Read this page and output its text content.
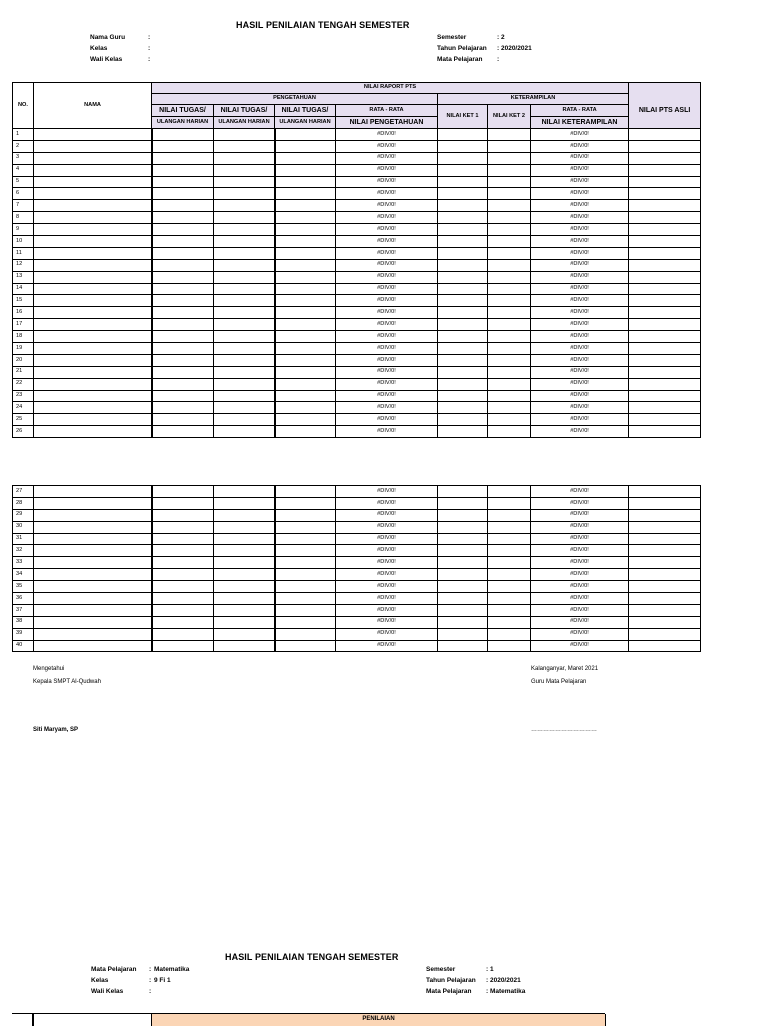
HASIL PENILAIAN TENGAH SEMESTER
Nama Guru	:
Kelas	:
Wali Kelas	:
Semester	: 2
Tahun Pelajaran : 2020/2021
Mata Pelajaran :
NO.	NAMA	NILAI RAPORT PTS							
		PENGETAHUAN				KETERAMPILAN			NILAI PTS ASLI
		NILAI TUGAS/	NILAI TUGAS/	NILAI TUGAS/	RATA - RATA	NILAI KET 1	NILAI KET 2	RATA - RATA	
		ULANGAN HARIAN	ULANGAN HARIAN	ULANGAN HARIAN	NILAI PENGETAHUAN			NILAI KETERAMPILAN	
1					#DIV/0!			#DIV/0!	
2					#DIV/0!			#DIV/0!	
3					#DIV/0!			#DIV/0!	
4					#DIV/0!			#DIV/0!	
5					#DIV/0!			#DIV/0!	
6					#DIV/0!			#DIV/0!	
7					#DIV/0!			#DIV/0!	
8					#DIV/0!			#DIV/0!	
9					#DIV/0!			#DIV/0!	
10					#DIV/0!			#DIV/0!	
11					#DIV/0!			#DIV/0!	
12					#DIV/0!			#DIV/0!	
13					#DIV/0!			#DIV/0!	
14					#DIV/0!			#DIV/0!	
15					#DIV/0!			#DIV/0!	
16					#DIV/0!			#DIV/0!	
17					#DIV/0!			#DIV/0!	
18					#DIV/0!			#DIV/0!	
19					#DIV/0!			#DIV/0!	
20					#DIV/0!			#DIV/0!	
21					#DIV/0!			#DIV/0!	
22					#DIV/0!			#DIV/0!	
23					#DIV/0!			#DIV/0!	
24					#DIV/0!			#DIV/0!	
25					#DIV/0!			#DIV/0!	
26					#DIV/0!			#DIV/0!	
27					#DIV/0!			#DIV/0!	
28					#DIV/0!			#DIV/0!	
29					#DIV/0!			#DIV/0!	
30					#DIV/0!			#DIV/0!	
31					#DIV/0!			#DIV/0!	
32					#DIV/0!			#DIV/0!	
33					#DIV/0!			#DIV/0!	
34					#DIV/0!			#DIV/0!	
35					#DIV/0!			#DIV/0!	
36					#DIV/0!			#DIV/0!	
37					#DIV/0!			#DIV/0!	
38					#DIV/0!			#DIV/0!	
39					#DIV/0!			#DIV/0!	
40					#DIV/0!			#DIV/0!	
Mengetahui
Kepala SMPT Al-Qudwah
Kalanganyar, Maret 2021
Guru Mata Pelajaran
Siti Maryam, SP	……………………………
HASIL PENILAIAN TENGAH SEMESTER
Mata Pelajaran : Matematika
Kelas	: 9 Fi 1
Wali Kelas	:
Semester	: 1
Tahun Pelajaran : 2020/2021
Mata Pelajaran : Matematika
PENILAIAN
